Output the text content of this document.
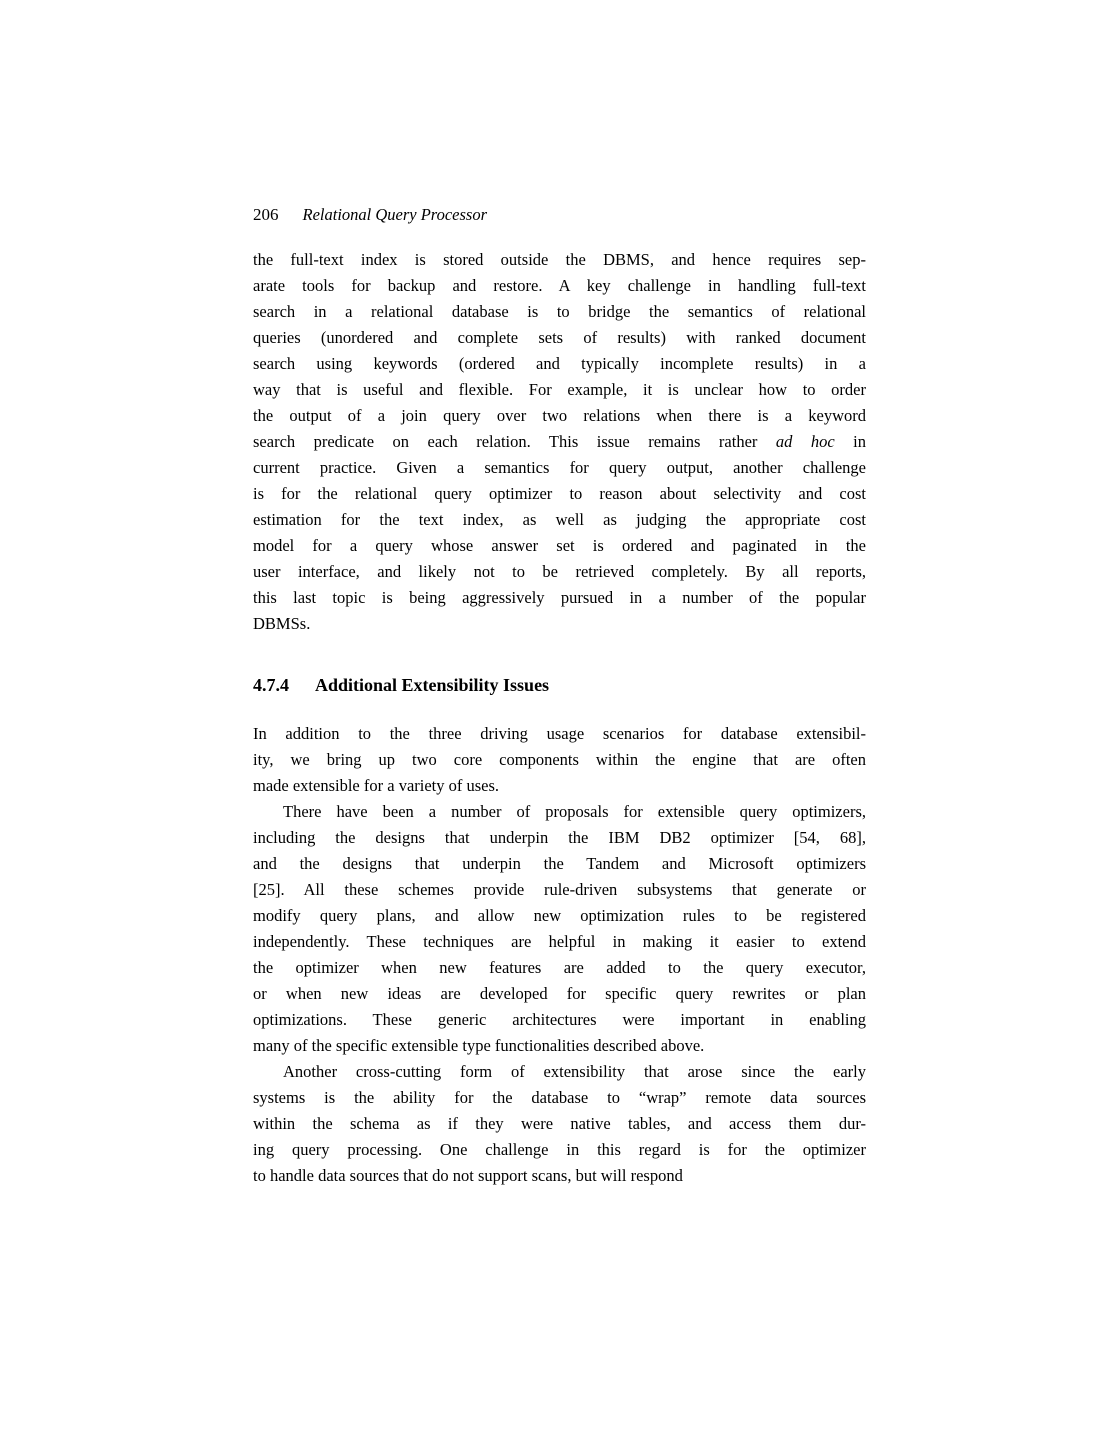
206 Relational Query Processor
the full-text index is stored outside the DBMS, and hence requires sep-
arate tools for backup and restore. A key challenge in handling full-text
search in a relational database is to bridge the semantics of relational
queries (unordered and complete sets of results) with ranked document
search using keywords (ordered and typically incomplete results) in a
way that is useful and flexible. For example, it is unclear how to order
the output of a join query over two relations when there is a keyword
search predicate on each relation. This issue remains rather ad hoc in
current practice. Given a semantics for query output, another challenge
is for the relational query optimizer to reason about selectivity and cost
estimation for the text index, as well as judging the appropriate cost
model for a query whose answer set is ordered and paginated in the
user interface, and likely not to be retrieved completely. By all reports,
this last topic is being aggressively pursued in a number of the popular
DBMSs.
4.7.4 Additional Extensibility Issues
In addition to the three driving usage scenarios for database extensibil-
ity, we bring up two core components within the engine that are often
made extensible for a variety of uses.
There have been a number of proposals for extensible query optimizers,
including the designs that underpin the IBM DB2 optimizer [54, 68],
and the designs that underpin the Tandem and Microsoft optimizers
[25]. All these schemes provide rule-driven subsystems that generate or
modify query plans, and allow new optimization rules to be registered
independently. These techniques are helpful in making it easier to extend
the optimizer when new features are added to the query executor,
or when new ideas are developed for specific query rewrites or plan
optimizations. These generic architectures were important in enabling
many of the specific extensible type functionalities described above.
Another cross-cutting form of extensibility that arose since the early
systems is the ability for the database to “wrap” remote data sources
within the schema as if they were native tables, and access them dur-
ing query processing. One challenge in this regard is for the optimizer
to handle data sources that do not support scans, but will respond
